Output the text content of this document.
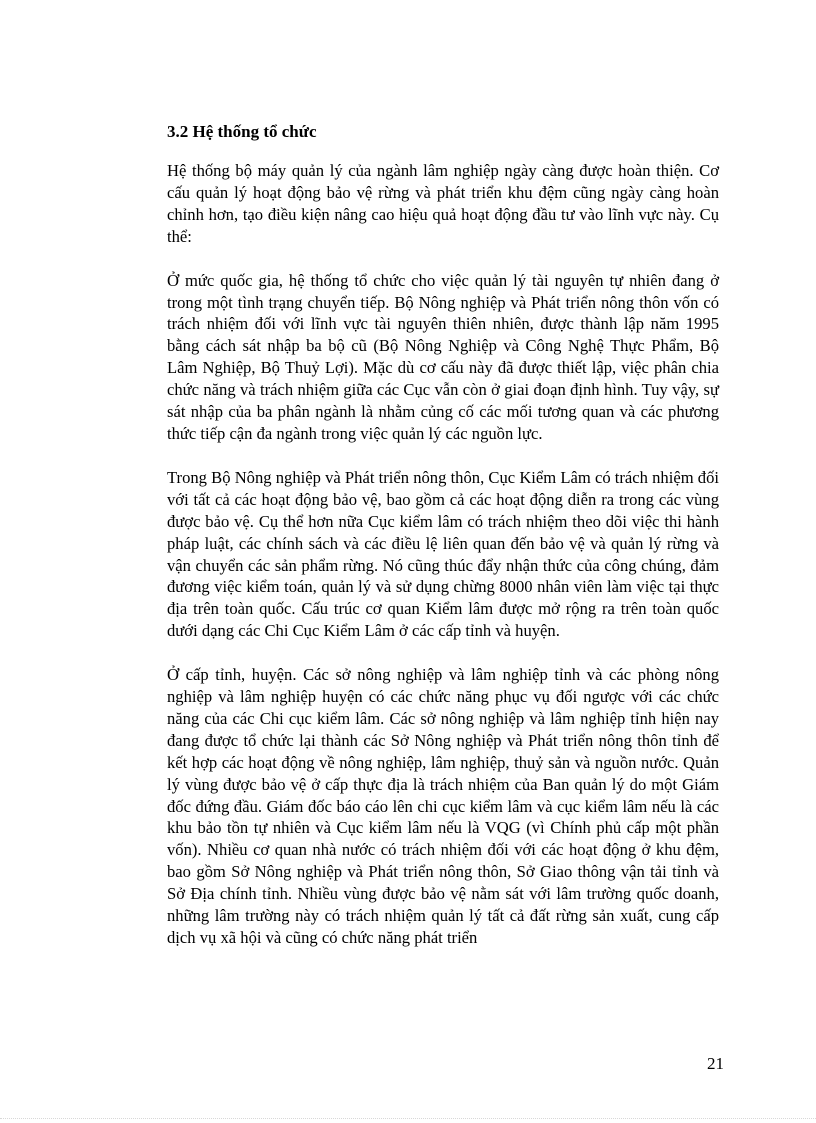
3.2 Hệ thống tổ chức

Hệ thống bộ máy quản lý của ngành lâm nghiệp ngày càng được hoàn thiện. Cơ cấu quản lý hoạt động bảo vệ rừng và phát triển khu đệm cũng ngày càng hoàn chỉnh hơn, tạo điều kiện nâng cao hiệu quả hoạt động đầu tư vào lĩnh vực này. Cụ thể:

Ở mức quốc gia, hệ thống tổ chức cho việc quản lý tài nguyên tự nhiên đang ở trong một tình trạng chuyển tiếp. Bộ Nông nghiệp và Phát triển nông thôn vốn có trách nhiệm đối với lĩnh vực tài nguyên thiên nhiên, được thành lập năm 1995 bằng cách sát nhập ba bộ cũ (Bộ Nông Nghiệp và Công Nghệ Thực Phẩm, Bộ Lâm Nghiệp, Bộ Thuỷ Lợi). Mặc dù cơ cấu này đã được thiết lập, việc phân chia chức năng và trách nhiệm giữa các Cục vẫn còn ở giai đoạn định hình. Tuy vậy, sự sát nhập của ba phân ngành là nhằm củng cố các mối tương quan và các phương thức tiếp cận đa ngành trong việc quản lý các nguồn lực.

Trong Bộ Nông nghiệp và Phát triển nông thôn, Cục Kiểm Lâm có trách nhiệm đối với tất cả các hoạt động bảo vệ, bao gồm cả các hoạt động diễn ra trong các vùng được bảo vệ. Cụ thể hơn nữa Cục kiểm lâm có trách nhiệm theo dõi việc thi hành pháp luật, các chính sách và các điều lệ liên quan đến bảo vệ và quản lý rừng và vận chuyển các sản phẩm rừng. Nó cũng thúc đẩy nhận thức của công chúng, đảm đương việc kiểm toán, quản lý và sử dụng chừng 8000 nhân viên làm việc tại thực địa trên toàn quốc. Cấu trúc cơ quan Kiểm lâm được mở rộng ra trên toàn quốc dưới dạng các Chi Cục Kiểm Lâm ở các cấp tỉnh và huyện.

Ở cấp tỉnh, huyện. Các sở nông nghiệp và lâm nghiệp tỉnh và các phòng nông nghiệp và lâm nghiệp huyện có các chức năng phục vụ đối ngược với các chức năng của các Chi cục kiểm lâm. Các sở nông nghiệp và lâm nghiệp tỉnh hiện nay đang được tổ chức lại thành các Sở Nông nghiệp và Phát triển nông thôn tỉnh để kết hợp các hoạt động về nông nghiệp, lâm nghiệp, thuỷ sản và nguồn nước. Quản lý vùng được bảo vệ ở cấp thực địa là trách nhiệm của Ban quản lý do một Giám đốc đứng đầu. Giám đốc báo cáo lên chi cục kiểm lâm và cục kiểm lâm nếu là các khu bảo tồn tự nhiên và Cục kiểm lâm nếu là VQG (vì Chính phủ cấp một phần vốn). Nhiều cơ quan nhà nước có trách nhiệm đối với các hoạt động ở khu đệm, bao gồm Sở Nông nghiệp và Phát triển nông thôn, Sở Giao thông vận tải tỉnh và Sở Địa chính tỉnh. Nhiều vùng được bảo vệ nằm sát với lâm trường quốc doanh, những lâm trường này có trách nhiệm quản lý tất cả đất rừng sản xuất, cung cấp dịch vụ xã hội và cũng có chức năng phát triển

21
